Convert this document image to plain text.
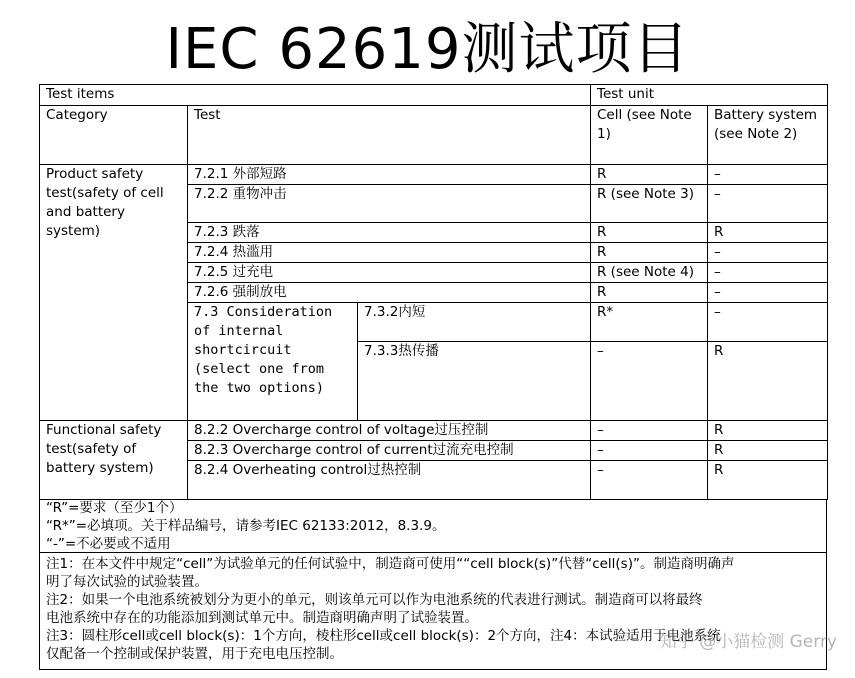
IEC 62619测试项目
Test items			Test unit	
Category	Test		Cell (see Note 1)	Battery system (see Note 2)
Product safety test(safety of cell and battery system)	7.2.1 外部短路		R	–
	7.2.2 重物冲击		R (see Note 3)	–
	7.2.3 跌落		R	R
	7.2.4 热滥用		R	–
	7.2.5 过充电		R (see Note 4)	–
	7.2.6 强制放电		R	–
	7.3 Consideration of internal shortcircuit (select one from the two options)	7.3.2内短	R*	–
		7.3.3热传播	–	R
Functional safety test(safety of battery system)	8.2.2 Overcharge control of voltage过压控制		–	R
	8.2.3 Overcharge control of current过流充电控制		–	R
	8.2.4 Overheating control过热控制		–	R
“R”=要求（至少1个）
“R*”=必填项。关于样品编号，请参考IEC 62133:2012，8.3.9。
“-”=不必要或不适用
注1：在本文件中规定“cell”为试验单元的任何试验中，制造商可使用““cell block(s)”代替“cell(s)”。制造商明确声
明了每次试验的试验装置。
注2：如果一个电池系统被划分为更小的单元，则该单元可以作为电池系统的代表进行测试。制造商可以将最终
电池系统中存在的功能添加到测试单元中。制造商明确声明了试验装置。
注3：圆柱形cell或cell block(s)：1个方向，棱柱形cell或cell block(s)：2个方向，注4：本试验适用于电池系统
仅配备一个控制或保护装置，用于充电电压控制。
知乎 @小猫检测 Gerry
